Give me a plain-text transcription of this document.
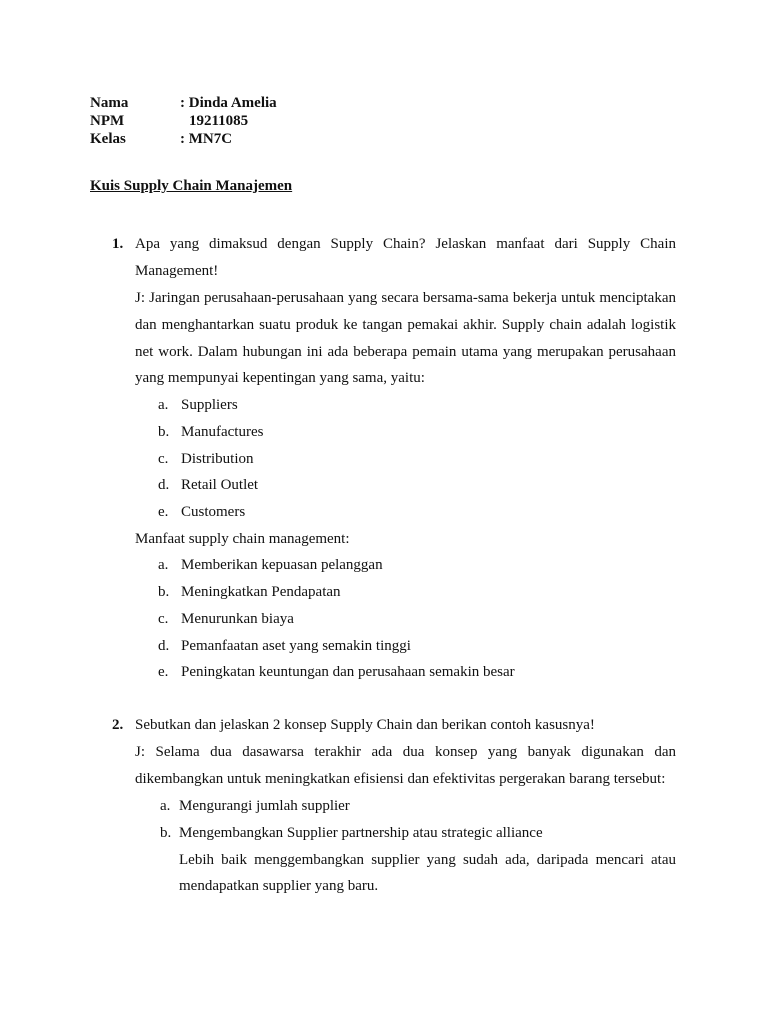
Nama	: Dinda Amelia
NPM	19211085
Kelas	: MN7C
Kuis Supply Chain Manajemen
1. Apa yang dimaksud dengan Supply Chain? Jelaskan manfaat dari Supply Chain
Management!
J: Jaringan perusahaan-perusahaan yang secara bersama-sama bekerja untuk menciptakan
dan menghantarkan suatu produk ke tangan pemakai akhir. Supply chain adalah logistik
net work. Dalam hubungan ini ada beberapa pemain utama yang merupakan perusahaan
yang mempunyai kepentingan yang sama, yaitu:
a. Suppliers
b. Manufactures
c. Distribution
d. Retail Outlet
e. Customers
Manfaat supply chain management:
a. Memberikan kepuasan pelanggan
b. Meningkatkan Pendapatan
c. Menurunkan biaya
d. Pemanfaatan aset yang semakin tinggi
e. Peningkatan keuntungan dan perusahaan semakin besar
2. Sebutkan dan jelaskan 2 konsep Supply Chain dan berikan contoh kasusnya!
J: Selama dua dasawarsa terakhir ada dua konsep yang banyak digunakan dan
dikembangkan untuk meningkatkan efisiensi dan efektivitas pergerakan barang tersebut:
a. Mengurangi jumlah supplier
b. Mengembangkan Supplier partnership atau strategic alliance
Lebih baik menggembangkan supplier yang sudah ada, daripada mencari atau
mendapatkan supplier yang baru.
